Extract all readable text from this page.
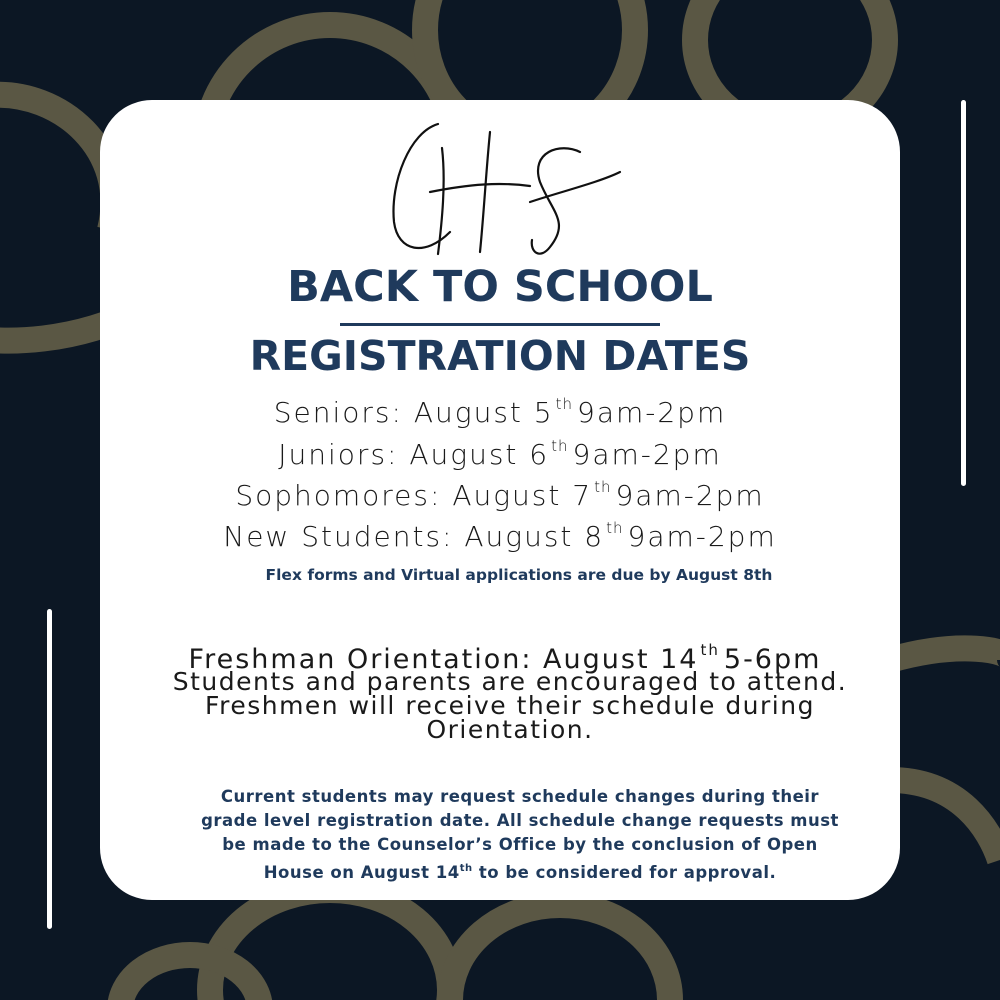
BACK TO SCHOOL
REGISTRATION DATES
Seniors: August 5 $^{th}$ 9am-2pm
Juniors: August 6 $^{th}$ 9am-2pm
Sophomores: August 7 $^{th}$ 9am-2pm
New Students: August 8 $^{th}$ 9am-2pm
Flex forms and Virtual applications are due by August 8th
Freshman Orientation: August 14 $^{th}$ 5-6pm
Students and parents are encouraged to attend. Freshmen will receive their schedule during Orientation.
Current students may request schedule changes during their grade level registration date. All schedule change requests must be made to the Counselor’s Office by the conclusion of Open House on August 14th to be considered for approval.
